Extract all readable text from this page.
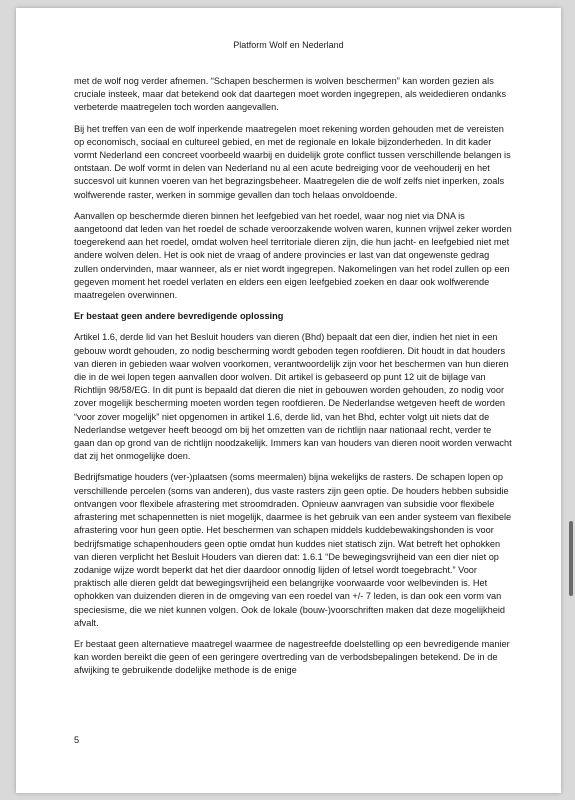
Platform Wolf en Nederland

met de wolf nog verder afnemen. “Schapen beschermen is wolven beschermen” kan worden gezien als crucialе insteek, maar dat betekend ook dat daartegen moet worden ingegrepen, als weidedieren ondanks verbeterde maatregelen toch worden aangevallen.

Bij het treffen van een de wolf inperkende maatregelen moet rekening worden gehouden met de vereisten op economisch, sociaal en cultureel gebied, en met de regionale en lokale bijzonderheden. In dit kader vormt Nederland een concreet voorbeeld waarbij en duidelijk grote conflict tussen verschillende belangen is ontstaan. De wolf vormt in delen van Nederland nu al een acute bedreiging voor de veehouderij en het succesvol uit kunnen voeren van het begrazingsbeheer. Maatregelen die de wolf zelfs niet inperken, zoals wolfwerende raster, werken in sommige gevallen dan toch helaas onvoldoende.

Aanvallen op beschermde dieren binnen het leefgebied van het roedel, waar nog niet via DNA is aangetoond dat leden van het roedel de schade veroorzakende wolven waren, kunnen vrijwel zeker worden toegerekend aan het roedel, omdat wolven heel territoriale dieren zijn, die hun jacht- en leefgebied niet met andere wolven delen. Het is ook niet de vraag of andere provincies er last van dat ongewenste gedrag zullen ondervinden, maar wanneer, als er niet wordt ingegrepen. Nakomelingen van het rodel zullen op een gegeven moment het roedel verlaten en elders een eigen leefgebied zoeken en daar ook wolfwerende maatregelen overwinnen.

Er bestaat geen andere bevredigende oplossing

Artikel 1.6, derde lid van het Besluit houders van dieren (Bhd) bepaalt dat een dier, indien het niet in een gebouw wordt gehouden, zo nodig bescherming wordt geboden tegen roofdieren. Dit houdt in dat houders van dieren in gebieden waar wolven voorkomen, verantwoordelijk zijn voor het beschermen van hun dieren die in de wei lopen tegen aanvallen door wolven. Dit artikel is gebaseerd op punt 12 uit de bijlage van Richtlijn 98/58/EG. In dit punt is bepaald dat dieren die niet in gebouwen worden gehouden, zo nodig voor zover mogelijk bescherming moeten worden tegen roofdieren. De Nederlandse wetgeven heeft de worden “voor zover mogelijk” niet opgenomen in artikel 1.6, derde lid, van het Bhd, echter volgt uit niets dat de Nederlandse wetgever heeft beoogd om bij het omzetten van de richtlijn naar nationaal recht, verder te gaan dan op grond van de richtlijn noodzakelijk. Immers kan van houders van dieren nooit worden verwacht dat zij het onmogelijke doen.

Bedrijfsmatige houders (ver-)plaatsen (soms meermalen) bijna wekelijks de rasters. De schapen lopen op verschillende percelen (soms van anderen), dus vaste rasters zijn geen optie. De houders hebben subsidie ontvangen voor flexibele afrastering met stroomdraden. Opnieuw aanvragen van subsidie voor flexibele afrastering met schapennetten is niet mogelijk, daarmee is het gebruik van een ander systeem van flexibele afrastering voor hun geen optie. Het beschermen van schapen middels kuddebewakingshonden is voor bedrijfsmatige schapenhouders geen optie omdat hun kuddes niet statisch zijn. Wat betreft het ophokken van dieren verplicht het Besluit Houders van dieren dat: 1.6.1 “De bewegingsvrijheid van een dier niet op zodanige wijze wordt beperkt dat het dier daardoor onnodig lijden of letsel wordt toegebracht.” Voor praktisch alle dieren geldt dat bewegingsvrijheid een belangrijke voorwaarde voor welbevinden is. Het ophokken van duizenden dieren in de omgeving van een roedel van +/- 7 leden, is dan ook een vorm van speciesisme, die we niet kunnen volgen. Ook de lokale (bouw-)voorschriften maken dat deze mogelijkheid afvalt.

Er bestaat geen alternatieve maatregel waarmee de nagestreefde doelstelling op een bevredigende manier kan worden bereikt die geen of een geringere overtreding van de verbodsbepalingen betekend. De in de afwijking te gebruikende dodelijke methode is de enige

5
